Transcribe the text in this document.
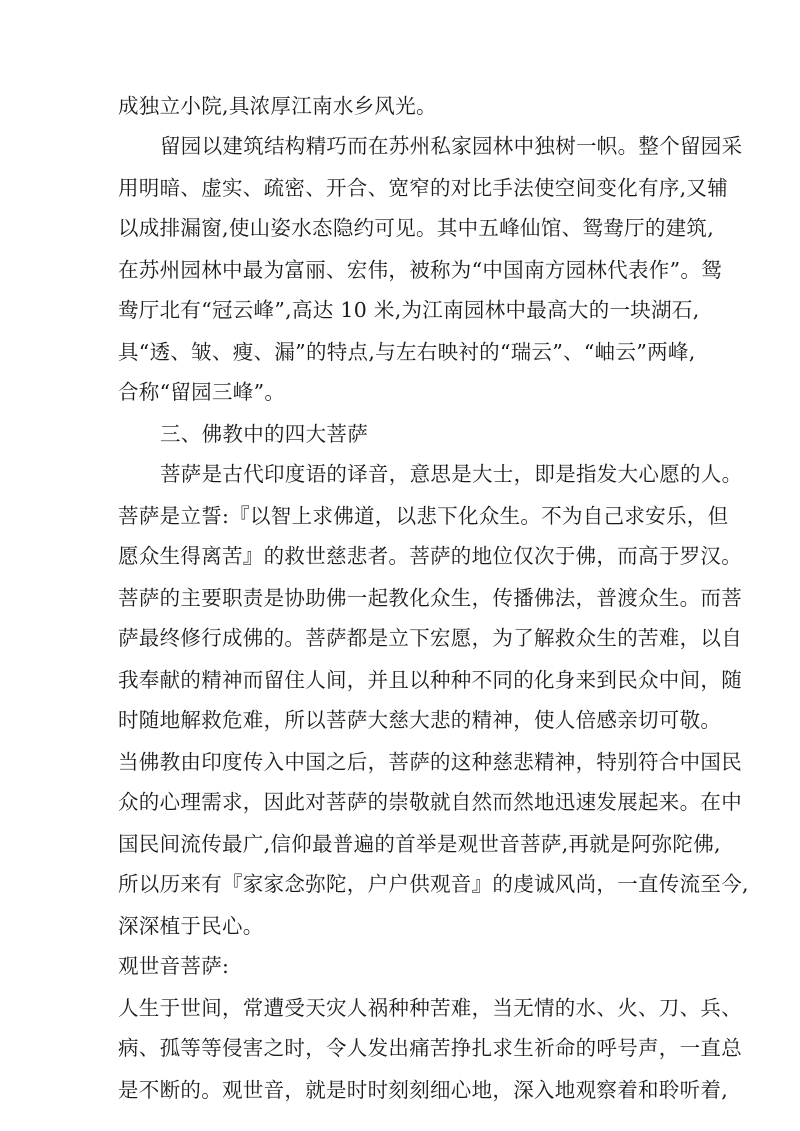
成独立小院,具浓厚江南水乡风光。
留园以建筑结构精巧而在苏州私家园林中独树一帜。整个留园采
用明暗、虚实、疏密、开合、宽窄的对比手法使空间变化有序,又辅
以成排漏窗,使山姿水态隐约可见。其中五峰仙馆、鸳鸯厅的建筑,
在苏州园林中最为富丽、宏伟，被称为“中国南方园林代表作”。鸳
鸯厅北有“冠云峰”,高达 10 米,为江南园林中最高大的一块湖石,
具“透、皱、瘦、漏”的特点,与左右映衬的“瑞云”、“岫云”两峰,
合称“留园三峰”。
三、佛教中的四大菩萨
菩萨是古代印度语的译音，意思是大士，即是指发大心愿的人。
菩萨是立誓:『以智上求佛道，以悲下化众生。不为自己求安乐，但
愿众生得离苦』的救世慈悲者。菩萨的地位仅次于佛，而高于罗汉。
菩萨的主要职责是协助佛一起教化众生，传播佛法，普渡众生。而菩
萨最终修行成佛的。菩萨都是立下宏愿，为了解救众生的苦难，以自
我奉献的精神而留住人间，并且以种种不同的化身来到民众中间，随
时随地解救危难，所以菩萨大慈大悲的精神，使人倍感亲切可敬。
当佛教由印度传入中国之后，菩萨的这种慈悲精神，特别符合中国民
众的心理需求，因此对菩萨的崇敬就自然而然地迅速发展起来。在中
国民间流传最广,信仰最普遍的首举是观世音菩萨,再就是阿弥陀佛,
所以历来有『家家念弥陀，户户供观音』的虔诚风尚，一直传流至今,
深深植于民心。
观世音菩萨:
人生于世间，常遭受天灾人祸种种苦难，当无情的水、火、刀、兵、
病、孤等等侵害之时，令人发出痛苦挣扎求生祈命的呼号声，一直总
是不断的。观世音，就是时时刻刻细心地，深入地观察着和聆听着,
